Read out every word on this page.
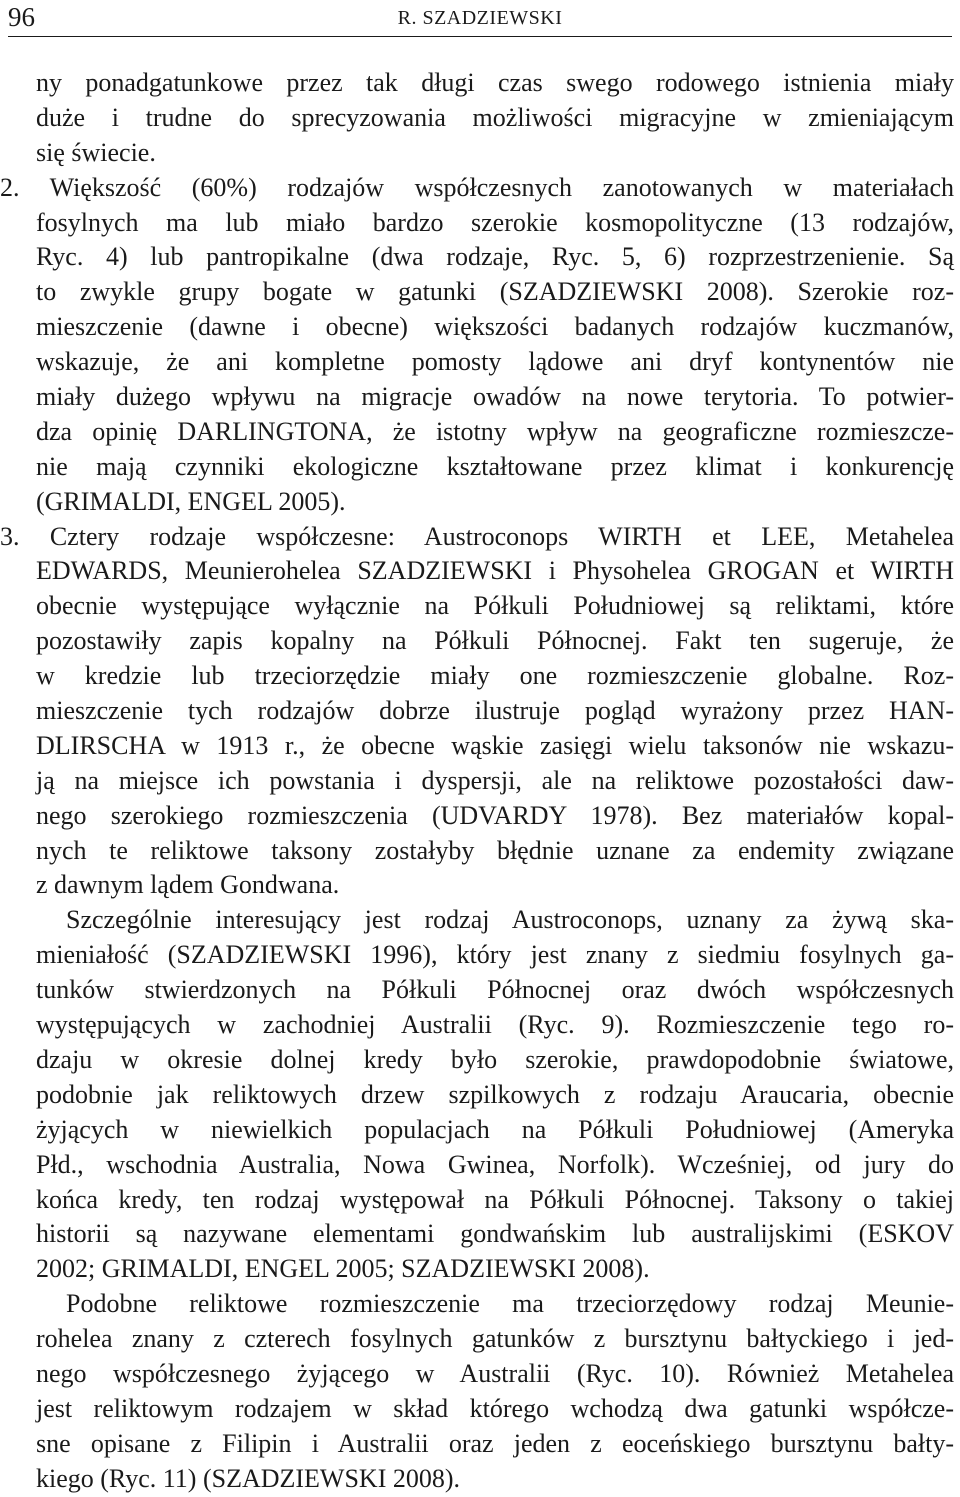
96	R. SZADZIEWSKI
ny ponadgatunkowe przez tak długi czas swego rodowego istnienia miały
duże i trudne do sprecyzowania możliwości migracyjne w zmieniającym
się świecie.
2. Większość (60%) rodzajów współczesnych zanotowanych w materiałach
fosylnych ma lub miało bardzo szerokie kosmopolityczne (13 rodzajów,
Ryc. 4) lub pantropikalne (dwa rodzaje, Ryc. 5, 6) rozprzestrzenienie. Są
to zwykle grupy bogate w gatunki (SZADZIEWSKI 2008). Szerokie roz-
mieszczenie (dawne i obecne) większości badanych rodzajów kuczmanów,
wskazuje, że ani kompletne pomosty lądowe ani dryf kontynentów nie
miały dużego wpływu na migracje owadów na nowe terytoria. To potwier-
dza opinię DARLINGTONA, że istotny wpływ na geograficzne rozmieszcze-
nie mają czynniki ekologiczne kształtowane przez klimat i konkurencję
(GRIMALDI, ENGEL 2005).
3. Cztery rodzaje współczesne: Austroconops WIRTH et LEE, Metahelea
EDWARDS, Meunierohelea SZADZIEWSKI i Physohelea GROGAN et WIRTH
obecnie występujące wyłącznie na Półkuli Południowej są reliktami, które
pozostawiły zapis kopalny na Półkuli Północnej. Fakt ten sugeruje, że
w kredzie lub trzeciorzędzie miały one rozmieszczenie globalne. Roz-
mieszczenie tych rodzajów dobrze ilustruje pogląd wyrażony przez HAN-
DLIRSCHA w 1913 r., że obecne wąskie zasięgi wielu taksonów nie wskazu-
ją na miejsce ich powstania i dyspersji, ale na reliktowe pozostałości daw-
nego szerokiego rozmieszczenia (UDVARDY 1978). Bez materiałów kopal-
nych te reliktowe taksony zostałyby błędnie uznane za endemity związane
z dawnym lądem Gondwana.
Szczególnie interesujący jest rodzaj Austroconops, uznany za żywą ska-
mieniałość (SZADZIEWSKI 1996), który jest znany z siedmiu fosylnych ga-
tunków stwierdzonych na Półkuli Północnej oraz dwóch współczesnych
występujących w zachodniej Australii (Ryc. 9). Rozmieszczenie tego ro-
dzaju w okresie dolnej kredy było szerokie, prawdopodobnie światowe,
podobnie jak reliktowych drzew szpilkowych z rodzaju Araucaria, obecnie
żyjących w niewielkich populacjach na Półkuli Południowej (Ameryka
Płd., wschodnia Australia, Nowa Gwinea, Norfolk). Wcześniej, od jury do
końca kredy, ten rodzaj występował na Półkuli Północnej. Taksony o takiej
historii są nazywane elementami gondwańskim lub australijskimi (ESKOV
2002; GRIMALDI, ENGEL 2005; SZADZIEWSKI 2008).
Podobne reliktowe rozmieszczenie ma trzeciorzędowy rodzaj Meunie-
rohelea znany z czterech fosylnych gatunków z bursztynu bałtyckiego i jed-
nego współczesnego żyjącego w Australii (Ryc. 10). Również Metahelea
jest reliktowym rodzajem w skład którego wchodzą dwa gatunki współcze-
sne opisane z Filipin i Australii oraz jeden z eoceńskiego bursztynu bałty-
kiego (Ryc. 11) (SZADZIEWSKI 2008).
